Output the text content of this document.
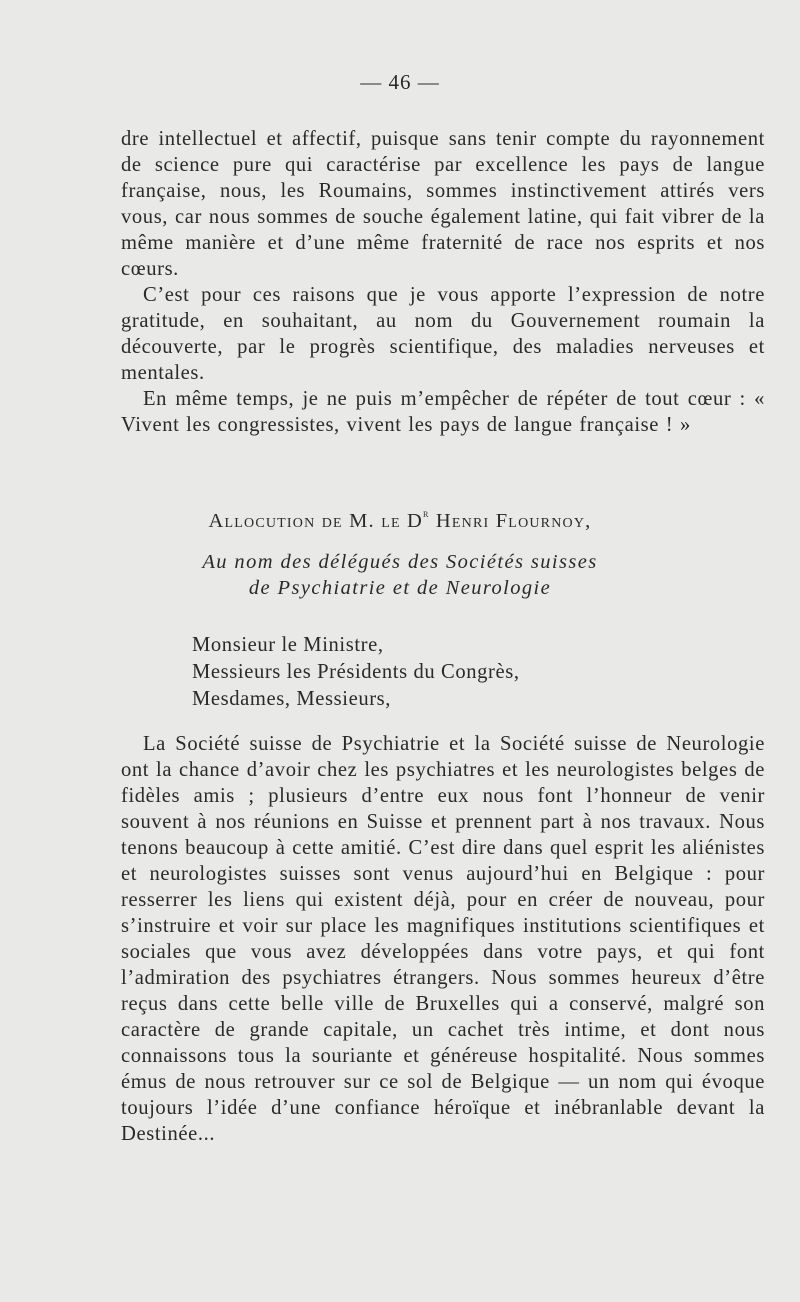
— 46 —

dre intellectuel et affectif, puisque sans tenir compte du rayonnement de science pure qui caractérise par excellence les pays de langue française, nous, les Roumains, sommes instinctivement attirés vers vous, car nous sommes de souche également latine, qui fait vibrer de la même manière et d’une même fraternité de race nos esprits et nos cœurs.

C’est pour ces raisons que je vous apporte l’expression de notre gratitude, en souhaitant, au nom du Gouvernement roumain la découverte, par le progrès scientifique, des maladies nerveuses et mentales.

En même temps, je ne puis m’empêcher de répéter de tout cœur : « Vivent les congressistes, vivent les pays de langue française ! »

Allocution de M. le $D^r$ Henri Flournoy,
Au nom des délégués des Sociétés suisses
de Psychiatrie et de Neurologie
Monsieur le Ministre,
Messieurs les Présidents du Congrès,
Mesdames, Messieurs,

La Société suisse de Psychiatrie et la Société suisse de Neurologie ont la chance d’avoir chez les psychiatres et les neurologistes belges de fidèles amis ; plusieurs d’entre eux nous font l’honneur de venir souvent à nos réunions en Suisse et prennent part à nos travaux. Nous tenons beaucoup à cette amitié. C’est dire dans quel esprit les aliénistes et neurologistes suisses sont venus aujourd’hui en Belgique : pour resserrer les liens qui existent déjà, pour en créer de nouveau, pour s’instruire et voir sur place les magnifiques institutions scientifiques et sociales que vous avez développées dans votre pays, et qui font l’admiration des psychiatres étrangers. Nous sommes heureux d’être reçus dans cette belle ville de Bruxelles qui a conservé, malgré son caractère de grande capitale, un cachet très intime, et dont nous connaissons tous la souriante et généreuse hospitalité. Nous sommes émus de nous retrouver sur ce sol de Belgique — un nom qui évoque toujours l’idée d’une confiance héroïque et inébranlable devant la Destinée...
